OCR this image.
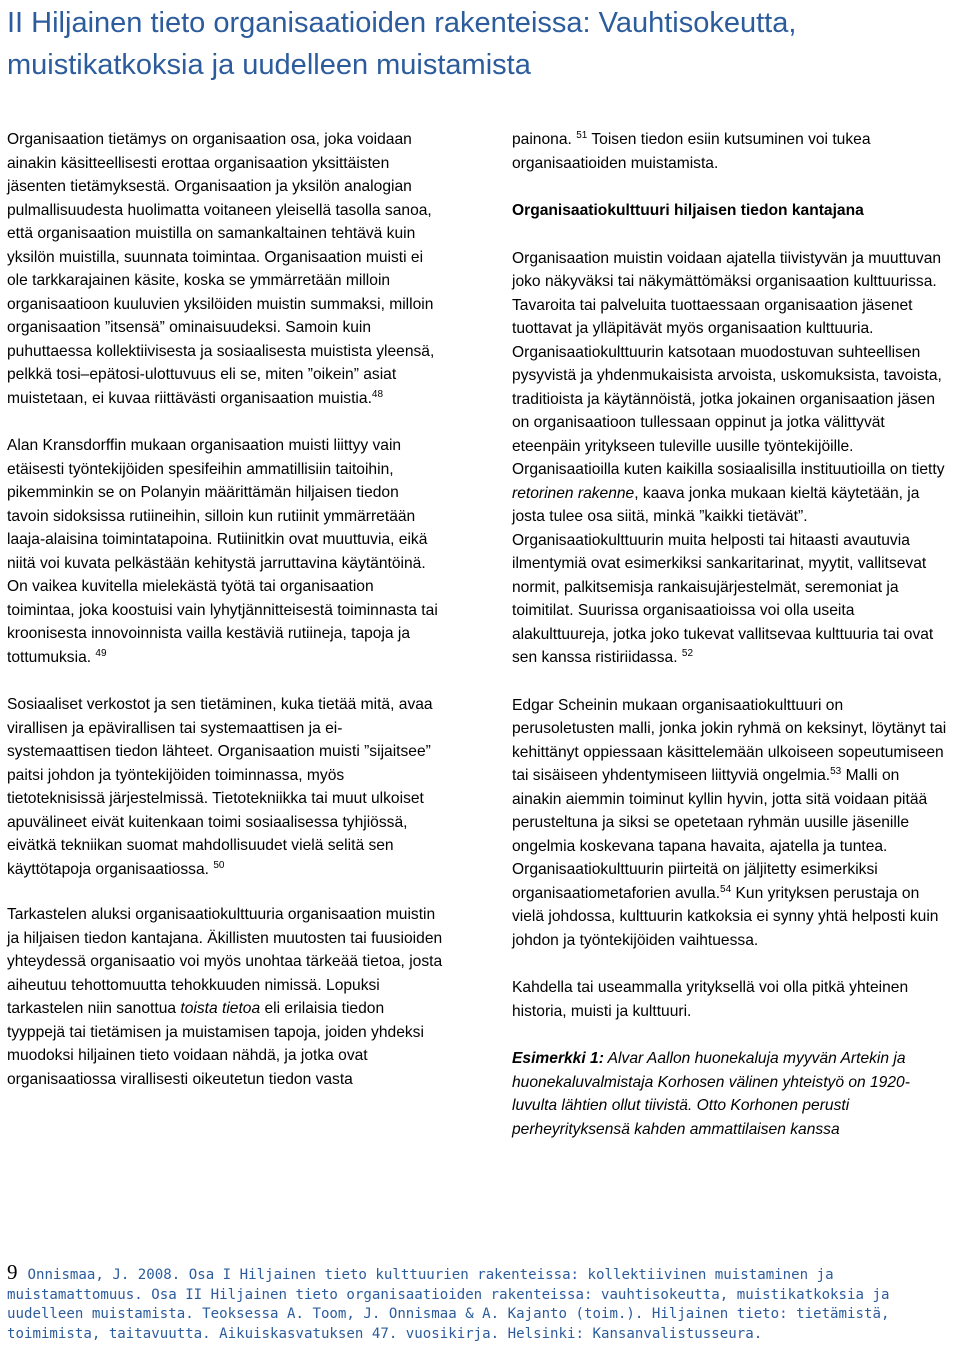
II Hiljainen tieto organisaatioiden rakenteissa: Vauhtisokeutta, muistikatkoksia ja uudelleen muistamista

Organisaation tietämys on organisaation osa, joka voidaan ainakin käsitteellisesti erottaa organisaation yksittäisten jäsenten tietämyksestä. Organisaation ja yksilön analogian pulmallisuudesta huolimatta voitaneen yleisellä tasolla sanoa, että organisaation muistilla on samankaltainen tehtävä kuin yksilön muistilla, suunnata toimintaa. Organisaation muisti ei ole tarkkarajainen käsite, koska se ymmärretään milloin organisaatioon kuuluvien yksilöiden muistin summaksi, milloin organisaation ”itsensä” ominaisuudeksi. Samoin kuin puhuttaessa kollektiivisesta ja sosiaalisesta muistista yleensä, pelkkä tosi–epätosi-ulottuvuus eli se, miten ”oikein” asiat muistetaan, ei kuvaa riittävästi organisaation muistia.$^{48}$

Alan Kransdorffin mukaan organisaation muisti liittyy vain etäisesti työntekijöiden spesifeihin ammatillisiin taitoihin, pikemminkin se on Polanyin määrittämän hiljaisen tiedon tavoin sidoksissa rutiineihin, silloin kun rutiinit ymmärretään laaja-alaisina toimintatapoina. Rutiinitkin ovat muuttuvia, eikä niitä voi kuvata pelkästään kehitystä jarruttavina käytäntöinä. On vaikea kuvitella mielekästä työtä tai organisaation toimintaa, joka koostuisi vain lyhytjännitteisestä toiminnasta tai kroonisesta innovoinnista vailla kestäviä rutiineja, tapoja ja tottumuksia. $^{49}$

Sosiaaliset verkostot ja sen tietäminen, kuka tietää mitä, avaa virallisen ja epävirallisen tai systemaattisen ja ei-systemaattisen tiedon lähteet. Organisaation muisti ”sijaitsee” paitsi johdon ja työntekijöiden toiminnassa, myös tietoteknisissä järjestelmissä. Tietotekniikka tai muut ulkoiset apuvälineet eivät kuitenkaan toimi sosiaalisessa tyhjiössä, eivätkä tekniikan suomat mahdollisuudet vielä selitä sen käyttötapoja organisaatiossa. $^{50}$

Tarkastelen aluksi organisaatiokulttuuria organisaation muistin ja hiljaisen tiedon kantajana. Äkillisten muutosten tai fuusioiden yhteydessä organisaatio voi myös unohtaa tärkeää tietoa, josta aiheutuu tehottomuutta tehokkuuden nimissä. Lopuksi tarkastelen niin sanottua toista tietoa eli erilaisia tiedon tyyppejä tai tietämisen ja muistamisen tapoja, joiden yhdeksi muodoksi hiljainen tieto voidaan nähdä, ja jotka ovat organisaatiossa virallisesti oikeutetun tiedon vasta

painona. $^{51}$ Toisen tiedon esiin kutsuminen voi tukea organisaatioiden muistamista.

Organisaatiokulttuuri hiljaisen tiedon kantajana

Organisaation muistin voidaan ajatella tiivistyvän ja muuttuvan joko näkyväksi tai näkymättömäksi organisaation kulttuurissa. Tavaroita tai palveluita tuottaessaan organisaation jäsenet tuottavat ja ylläpitävät myös organisaation kulttuuria. Organisaatiokulttuurin katsotaan muodostuvan suhteellisen pysyvistä ja yhdenmukaisista arvoista, uskomuksista, tavoista, traditioista ja käytännöistä, jotka jokainen organisaation jäsen on organisaatioon tullessaan oppinut ja jotka välittyvät eteenpäin yritykseen tuleville uusille työntekijöille. Organisaatioilla kuten kaikilla sosiaalisilla instituutioilla on tietty retorinen rakenne, kaava jonka mukaan kieltä käytetään, ja josta tulee osa siitä, minkä ”kaikki tietävät”. Organisaatiokulttuurin muita helposti tai hitaasti avautuvia ilmentymiä ovat esimerkiksi sankaritarinat, myytit, vallitsevat normit, palkitsemisja rankaisujärjestelmät, seremoniat ja toimitilat. Suurissa organisaatioissa voi olla useita alakulttuureja, jotka joko tukevat vallitsevaa kulttuuria tai ovat sen kanssa ristiriidassa. $^{52}$

Edgar Scheinin mukaan organisaatiokulttuuri on perusoletusten malli, jonka jokin ryhmä on keksinyt, löytänyt tai kehittänyt oppiessaan käsittelemään ulkoiseen sopeutumiseen tai sisäiseen yhdentymiseen liittyviä ongelmia.$^{53}$ Malli on ainakin aiemmin toiminut kyllin hyvin, jotta sitä voidaan pitää perusteltuna ja siksi se opetetaan ryhmän uusille jäsenille ongelmia koskevana tapana havaita, ajatella ja tuntea. Organisaatiokulttuurin piirteitä on jäljitetty esimerkiksi organisaatiometaforien avulla.$^{54}$ Kun yrityksen perustaja on vielä johdossa, kulttuurin katkoksia ei synny yhtä helposti kuin johdon ja työntekijöiden vaihtuessa.

Kahdella tai useammalla yrityksellä voi olla pitkä yhteinen historia, muisti ja kulttuuri.

Esimerkki 1: Alvar Aallon huonekaluja myyvän Artekin ja huonekaluvalmistaja Korhosen välinen yhteistyö on 1920-luvulta lähtien ollut tiivistä. Otto Korhonen perusti perheyrityksensä kahden ammattilaisen kanssa

9 Onnismaa, J. 2008. Osa I Hiljainen tieto kulttuurien rakenteissa: kollektiivinen muistaminen ja muistamattomuus. Osa II Hiljainen tieto organisaatioiden rakenteissa: vauhtisokeutta, muistikatkoksia ja uudelleen muistamista. Teoksessa A. Toom, J. Onnismaa & A. Kajanto (toim.). Hiljainen tieto: tietämistä, toimimista, taitavuutta. Aikuiskasvatuksen 47. vuosikirja. Helsinki: Kansanvalistusseura.
